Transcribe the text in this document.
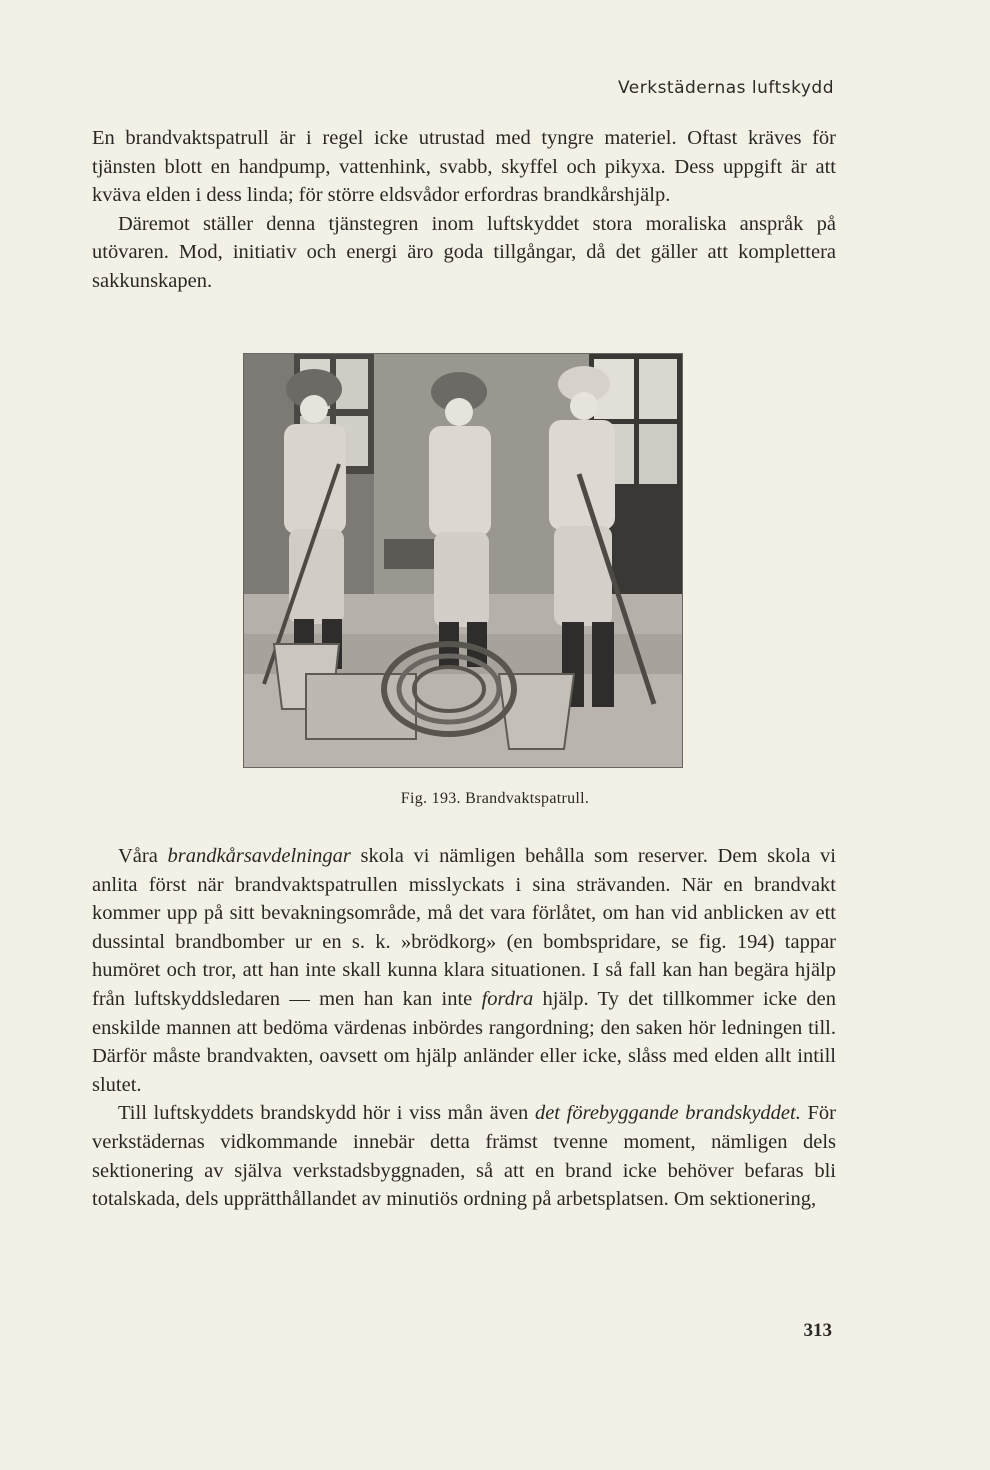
Verkstädernas luftskydd

En brandvaktspatrull är i regel icke utrustad med tyngre materiel. Oftast kräves för tjänsten blott en handpump, vattenhink, svabb, skyffel och pikyxa. Dess uppgift är att kväva elden i dess linda; för större eldsvådor erfordras brandkårshjälp.

Däremot ställer denna tjänstegren inom luftskyddet stora moraliska anspråk på utövaren. Mod, initiativ och energi äro goda tillgångar, då det gäller att komplettera sakkunskapen.

Fig. 193. Brandvaktspatrull.

Våra brandkårsavdelningar skola vi nämligen behålla som reserver. Dem skola vi anlita först när brandvaktspatrullen misslyckats i sina strävanden. När en brandvakt kommer upp på sitt bevakningsområde, må det vara förlåtet, om han vid anblicken av ett dussintal brandbomber ur en s. k. »brödkorg» (en bombspridare, se fig. 194) tappar humöret och tror, att han inte skall kunna klara situationen. I så fall kan han begära hjälp från luftskyddsledaren — men han kan inte fordra hjälp. Ty det tillkommer icke den enskilde mannen att bedöma värdenas inbördes rangordning; den saken hör ledningen till. Därför måste brandvakten, oavsett om hjälp anländer eller icke, slåss med elden allt intill slutet.

Till luftskyddets brandskydd hör i viss mån även det förebyggande brandskyddet. För verkstädernas vidkommande innebär detta främst tvenne moment, nämligen dels sektionering av själva verkstadsbyggnaden, så att en brand icke behöver befaras bli totalskada, dels upprätthållandet av minutiös ordning på arbetsplatsen. Om sektionering,

313
